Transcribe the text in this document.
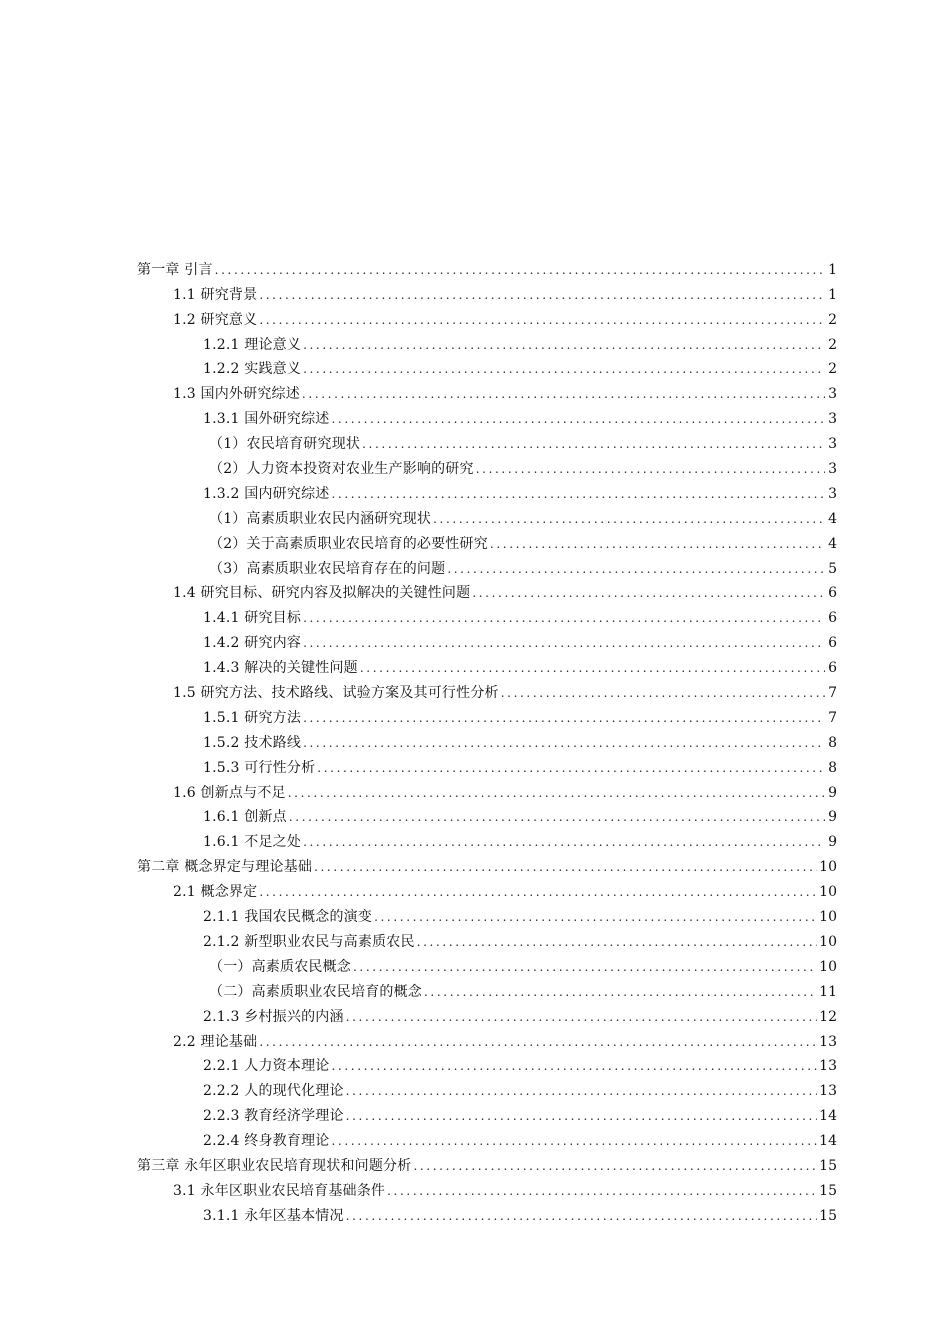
第一章 引言 . . .	1
1.1 研究背景 . . .	1
1.2 研究意义 . . .	2
1.2.1 理论意义 . . .	2
1.2.2 实践意义 . . .	2
1.3 国内外研究综述 . . .	3
1.3.1 国外研究综述 . . .	3
（1）农民培育研究现状 . . .	3
（2）人力资本投资对农业生产影响的研究 . . .	3
1.3.2 国内研究综述 . . .	3
（1）高素质职业农民内涵研究现状 . . .	4
（2）关于高素质职业农民培育的必要性研究 . . .	4
（3）高素质职业农民培育存在的问题 . . .	5
1.4 研究目标、研究内容及拟解决的关键性问题 . . .	6
1.4.1 研究目标 . . .	6
1.4.2 研究内容 . . .	6
1.4.3 解决的关键性问题 . . .	6
1.5 研究方法、技术路线、试验方案及其可行性分析 . . .	7
1.5.1 研究方法 . . .	7
1.5.2 技术路线 . . .	8
1.5.3 可行性分析 . . .	8
1.6 创新点与不足 . . .	9
1.6.1 创新点 . . .	9
1.6.1 不足之处 . . .	9
第二章 概念界定与理论基础 . . .	10
2.1 概念界定 . . .	10
2.1.1 我国农民概念的演变 . . .	10
2.1.2 新型职业农民与高素质农民 . . .	10
（一）高素质农民概念 . . .	10
（二）高素质职业农民培育的概念 . . .	11
2.1.3 乡村振兴的内涵 . . .	12
2.2 理论基础 . . .	13
2.2.1 人力资本理论 . . .	13
2.2.2 人的现代化理论 . . .	13
2.2.3 教育经济学理论 . . .	14
2.2.4 终身教育理论 . . .	14
第三章 永年区职业农民培育现状和问题分析 . . .	15
3.1 永年区职业农民培育基础条件 . . .	15
3.1.1 永年区基本情况 . . .	15
